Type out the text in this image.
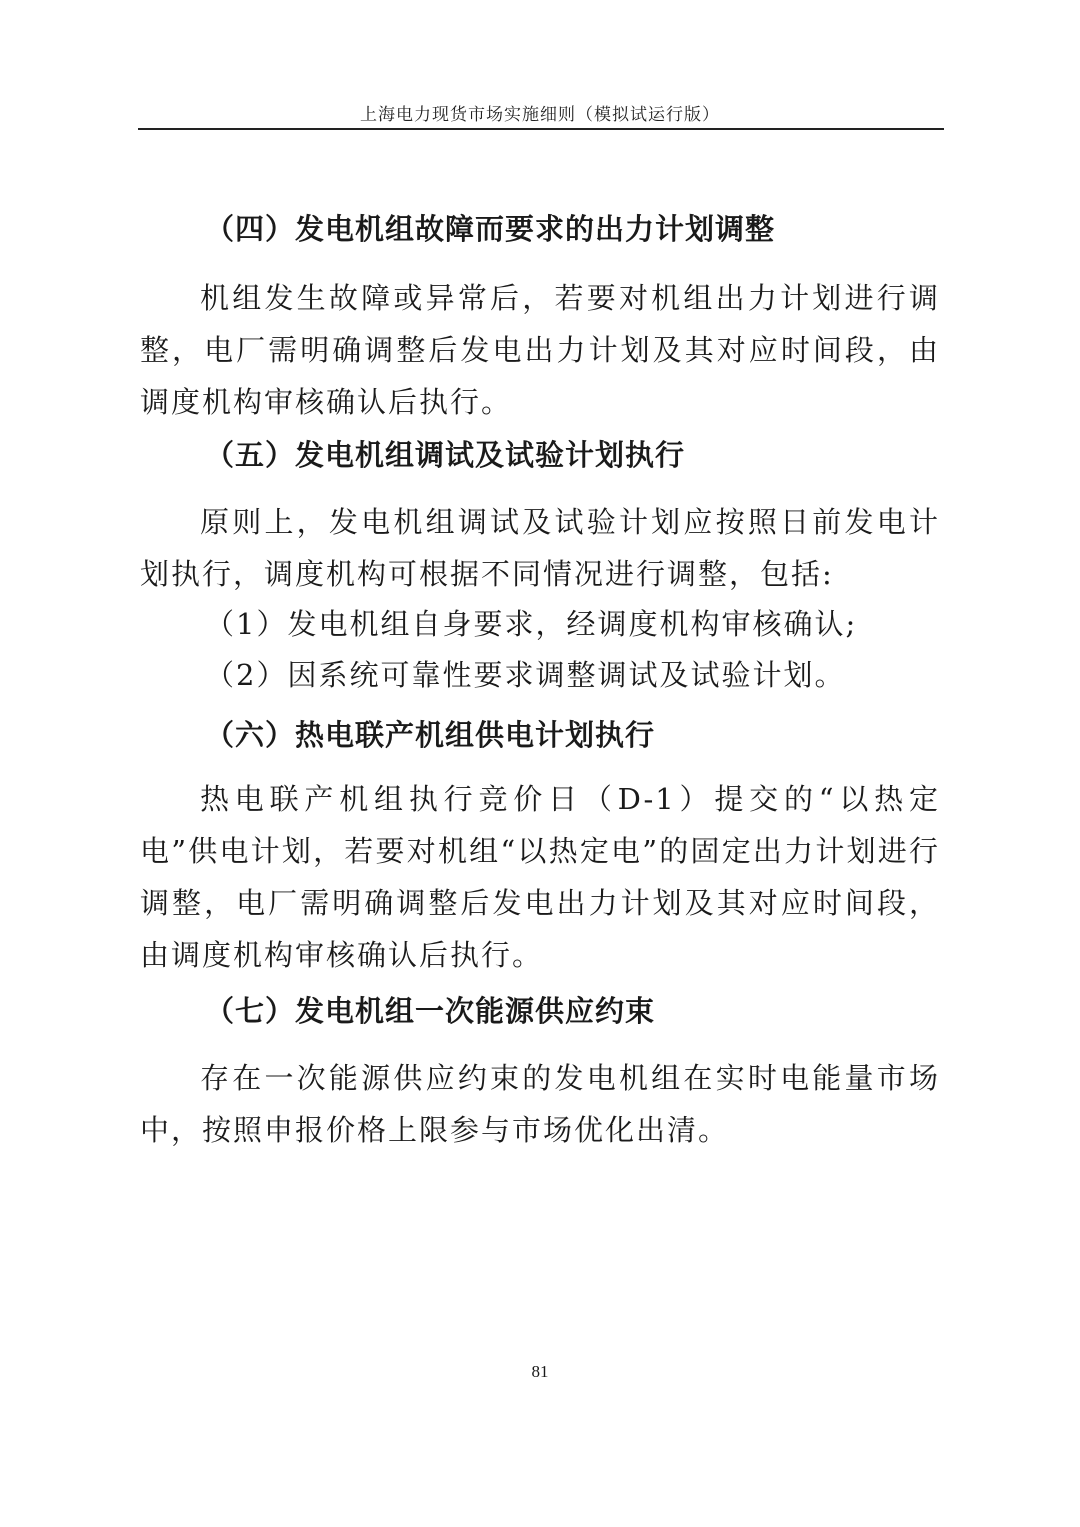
上海电力现货市场实施细则（模拟试运行版）
（四）发电机组故障而要求的出力计划调整

机组发生故障或异常后，若要对机组出力计划进行调整，电厂需明确调整后发电出力计划及其对应时间段，由调度机构审核确认后执行。

（五）发电机组调试及试验计划执行

原则上，发电机组调试及试验计划应按照日前发电计划执行，调度机构可根据不同情况进行调整，包括:

（1）发电机组自身要求，经调度机构审核确认;
（2）因系统可靠性要求调整调试及试验计划。
（六）热电联产机组供电计划执行

热电联产机组执行竞价日（D-1）提交的“以热定电”供电计划，若要对机组“以热定电”的固定出力计划进行调整，电厂需明确调整后发电出力计划及其对应时间段，由调度机构审核确认后执行。

（七）发电机组一次能源供应约束

存在一次能源供应约束的发电机组在实时电能量市场中，按照申报价格上限参与市场优化出清。

81
